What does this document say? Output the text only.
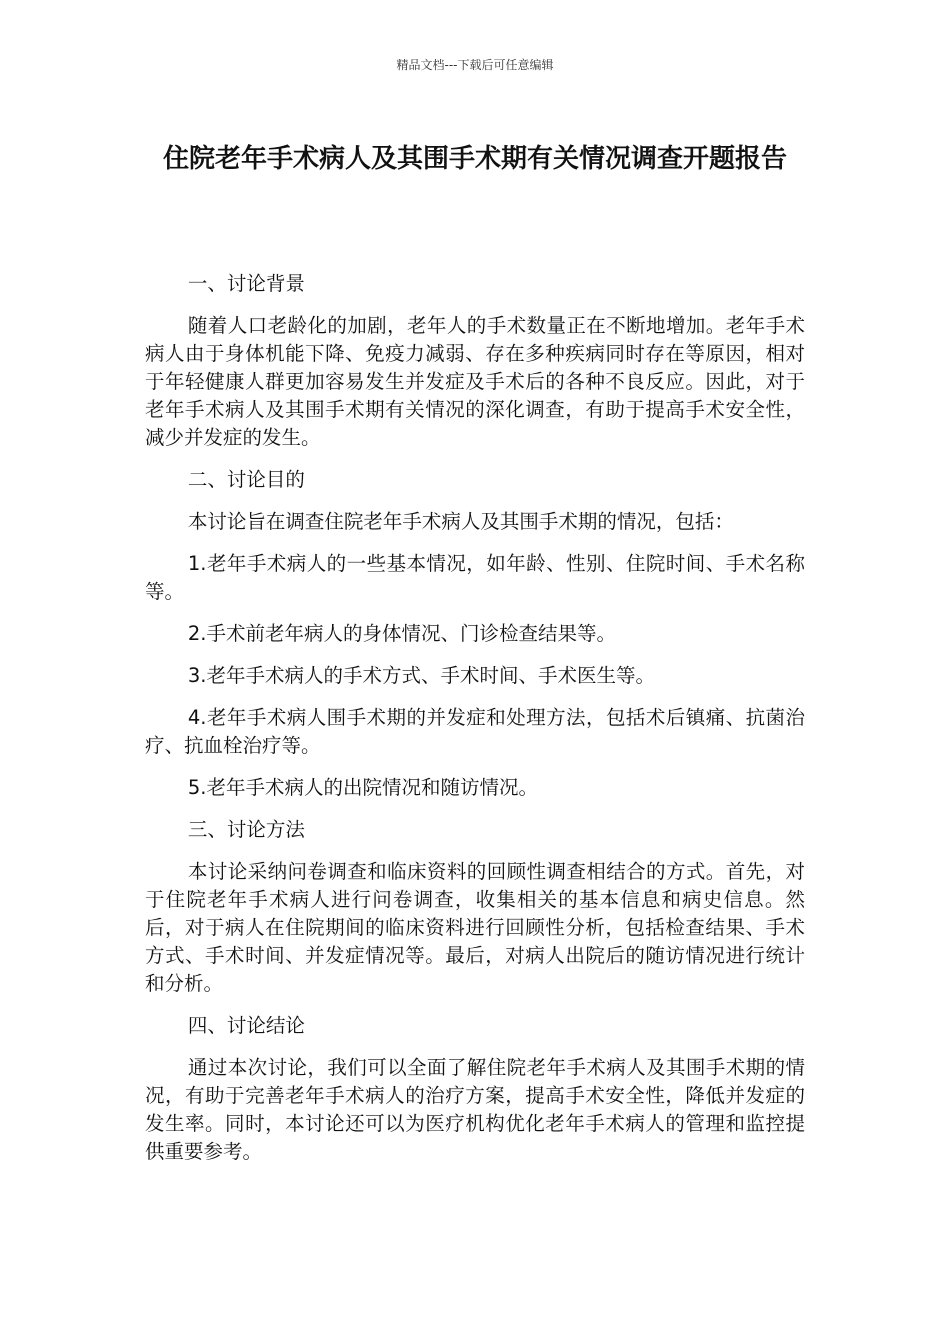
精品文档---下载后可任意编辑
住院老年手术病人及其围手术期有关情况调查开题报告

一、讨论背景

随着人口老龄化的加剧，老年人的手术数量正在不断地增加。老年手术病人由于身体机能下降、免疫力减弱、存在多种疾病同时存在等原因，相对于年轻健康人群更加容易发生并发症及手术后的各种不良反应。因此，对于老年手术病人及其围手术期有关情况的深化调查，有助于提高手术安全性，减少并发症的发生。

二、讨论目的

本讨论旨在调查住院老年手术病人及其围手术期的情况，包括：

1.老年手术病人的一些基本情况，如年龄、性别、住院时间、手术名称等。

2.手术前老年病人的身体情况、门诊检查结果等。

3.老年手术病人的手术方式、手术时间、手术医生等。

4.老年手术病人围手术期的并发症和处理方法，包括术后镇痛、抗菌治疗、抗血栓治疗等。

5.老年手术病人的出院情况和随访情况。

三、讨论方法

本讨论采纳问卷调查和临床资料的回顾性调查相结合的方式。首先，对于住院老年手术病人进行问卷调查，收集相关的基本信息和病史信息。然后，对于病人在住院期间的临床资料进行回顾性分析，包括检查结果、手术方式、手术时间、并发症情况等。最后，对病人出院后的随访情况进行统计和分析。

四、讨论结论

通过本次讨论，我们可以全面了解住院老年手术病人及其围手术期的情况，有助于完善老年手术病人的治疗方案，提高手术安全性，降低并发症的发生率。同时，本讨论还可以为医疗机构优化老年手术病人的管理和监控提供重要参考。
